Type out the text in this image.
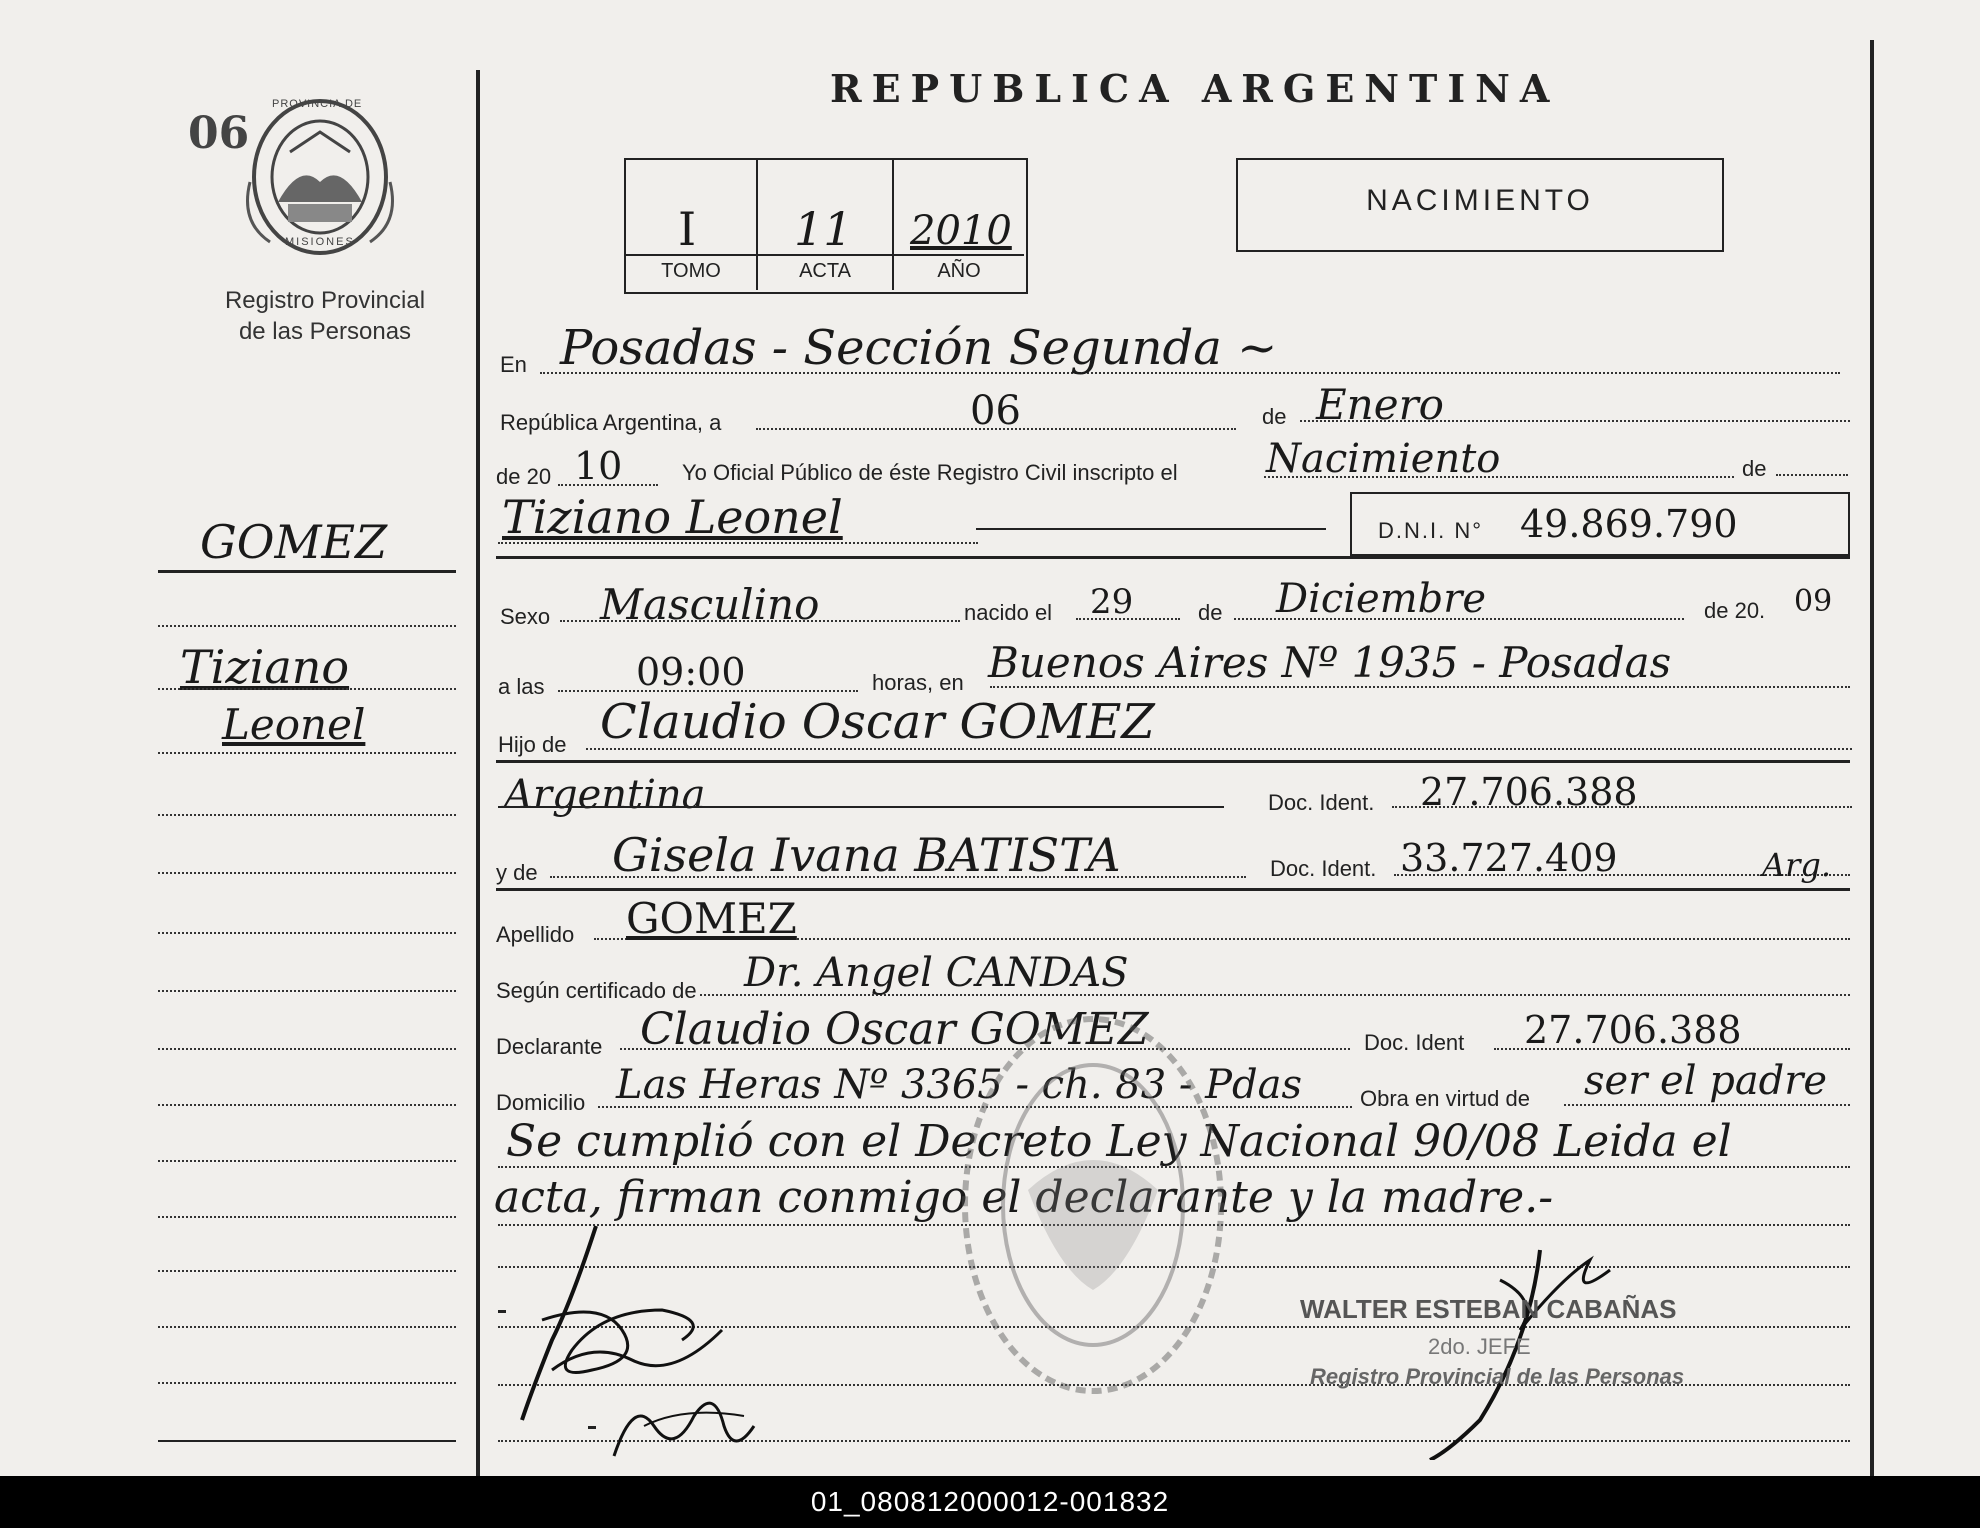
06
PROVINCIA DE
MISIONES
Registro Provincial
de las Personas
GOMEZ
Tiziano
Leonel
REPUBLICA ARGENTINA
I 11 2010
TOMO	ACTA	AÑO
NACIMIENTO
En Posadas - Sección Segunda ~
República Argentina, a	06	de Enero
de 20 10	Yo Oficial Público de éste Registro Civil inscripto el Nacimiento	de
Tiziano Leonel	D.N.I. N° 49.869.790
Sexo Masculino	nacido el 29	de Diciembre	de 20. 09
a las 09:00	horas, en Buenos Aires Nº 1935 - Posadas
Hijo de Claudio Oscar GOMEZ
Argentina	Doc. Ident. 27.706.388
y de Gisela Ivana BATISTA	Doc. Ident. 33.727.409	Arg.
Apellido GOMEZ
Según certificado de Dr. Angel CANDAS
Declarante Claudio Oscar GOMEZ	Doc. Ident 27.706.388
Domicilio Las Heras Nº 3365 - ch. 83 - Pdas	Obra en virtud de ser el padre
Se cumplió con el Decreto Ley Nacional 90/08 Leida el
acta, firman conmigo el declarante y la madre.-
WALTER ESTEBAN CABAÑAS
2do. JEFE
Registro Provincial de las Personas
01_080812000012-001832
